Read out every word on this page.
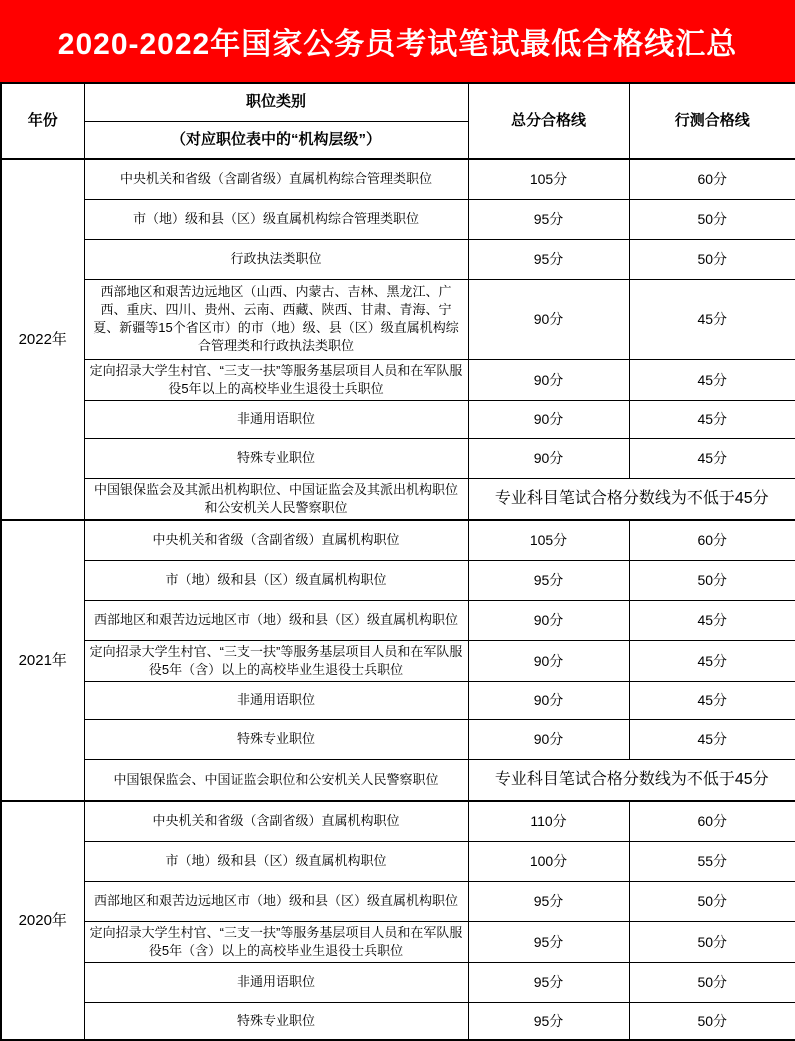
2020-2022年国家公务员考试笔试最低合格线汇总
年份	职位类别	总分合格线	行测合格线
	（对应职位表中的“机构层级”）		
2022年	中央机关和省级（含副省级）直属机构综合管理类职位	105分	60分
	市（地）级和县（区）级直属机构综合管理类职位	95分	50分
	行政执法类职位	95分	50分
	西部地区和艰苦边远地区（山西、内蒙古、吉林、黑龙江、广西、重庆、四川、贵州、云南、西藏、陕西、甘肃、青海、宁夏、新疆等15个省区市）的市（地）级、县（区）级直属机构综合管理类和行政执法类职位	90分	45分
	定向招录大学生村官、“三支一扶”等服务基层项目人员和在军队服役5年以上的高校毕业生退役士兵职位	90分	45分
	非通用语职位	90分	45分
	特殊专业职位	90分	45分
	中国银保监会及其派出机构职位、中国证监会及其派出机构职位和公安机关人民警察职位	专业科目笔试合格分数线为不低于45分	
2021年	中央机关和省级（含副省级）直属机构职位	105分	60分
	市（地）级和县（区）级直属机构职位	95分	50分
	西部地区和艰苦边远地区市（地）级和县（区）级直属机构职位	90分	45分
	定向招录大学生村官、“三支一扶”等服务基层项目人员和在军队服役5年（含）以上的高校毕业生退役士兵职位	90分	45分
	非通用语职位	90分	45分
	特殊专业职位	90分	45分
	中国银保监会、中国证监会职位和公安机关人民警察职位	专业科目笔试合格分数线为不低于45分	
2020年	中央机关和省级（含副省级）直属机构职位	110分	60分
	市（地）级和县（区）级直属机构职位	100分	55分
	西部地区和艰苦边远地区市（地）级和县（区）级直属机构职位	95分	50分
	定向招录大学生村官、“三支一扶”等服务基层项目人员和在军队服役5年（含）以上的高校毕业生退役士兵职位	95分	50分
	非通用语职位	95分	50分
	特殊专业职位	95分	50分
